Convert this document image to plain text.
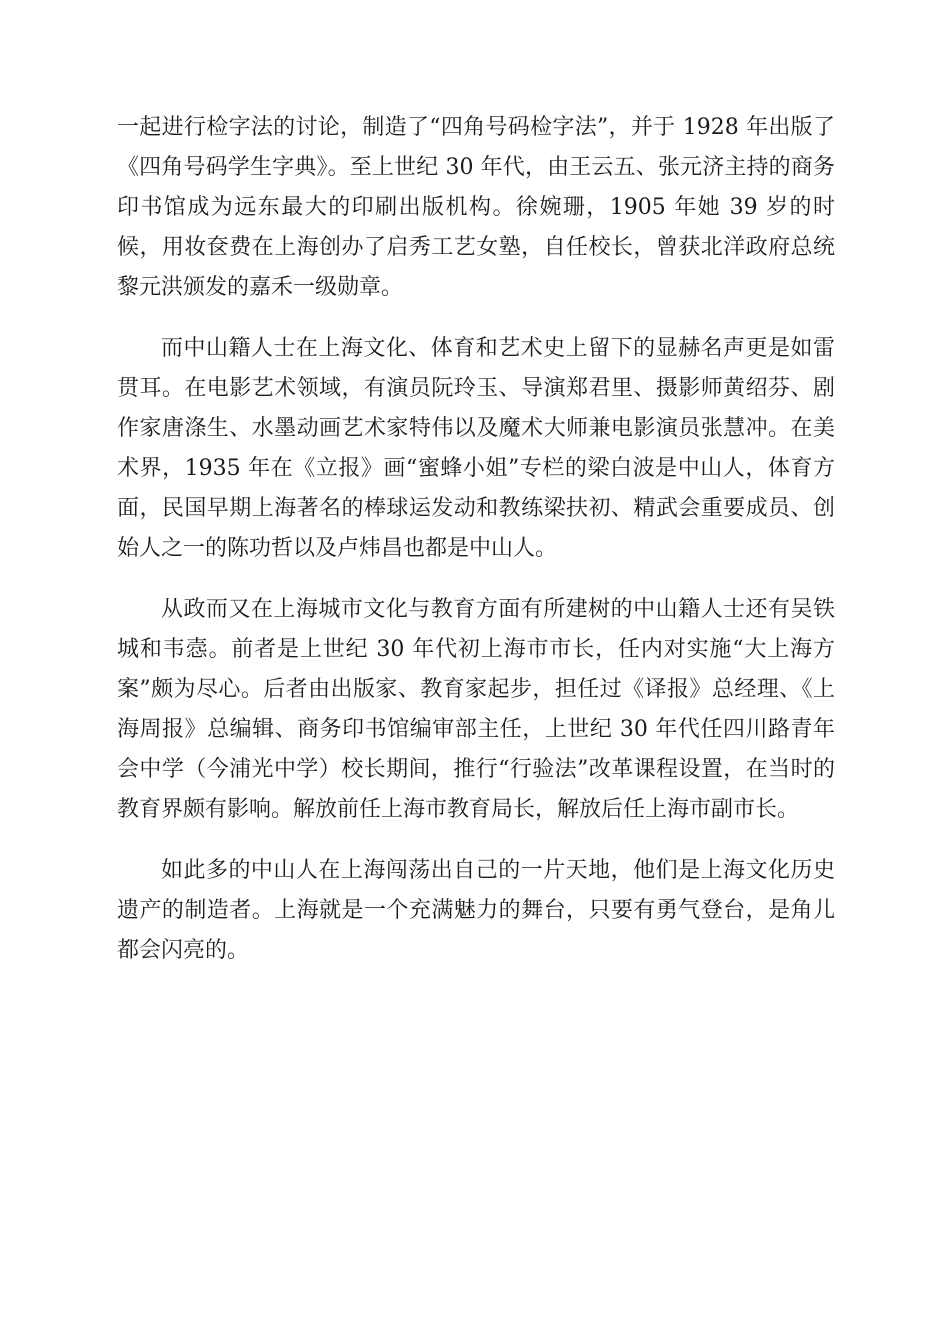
一起进行检字法的讨论，制造了“四角号码检字法”，并于 1928 年出版了《四角号码学生字典》。至上世纪 30 年代，由王云五、张元济主持的商务印书馆成为远东最大的印刷出版机构。徐婉珊，1905 年她 39 岁的时候，用妆奁费在上海创办了启秀工艺女塾，自任校长，曾获北洋政府总统黎元洪颁发的嘉禾一级勋章。

而中山籍人士在上海文化、体育和艺术史上留下的显赫名声更是如雷贯耳。在电影艺术领域，有演员阮玲玉、导演郑君里、摄影师黄绍芬、剧作家唐涤生、水墨动画艺术家特伟以及魔术大师兼电影演员张慧冲。在美术界，1935 年在《立报》画“蜜蜂小姐”专栏的梁白波是中山人，体育方面，民国早期上海著名的棒球运发动和教练梁扶初、精武会重要成员、创始人之一的陈功哲以及卢炜昌也都是中山人。

从政而又在上海城市文化与教育方面有所建树的中山籍人士还有吴铁城和韦悫。前者是上世纪 30 年代初上海市市长，任内对实施“大上海方案”颇为尽心。后者由出版家、教育家起步，担任过《译报》总经理、《上海周报》总编辑、商务印书馆编审部主任，上世纪 30 年代任四川路青年会中学（今浦光中学）校长期间，推行“行验法”改革课程设置，在当时的教育界颇有影响。解放前任上海市教育局长，解放后任上海市副市长。

如此多的中山人在上海闯荡出自己的一片天地，他们是上海文化历史遗产的制造者。上海就是一个充满魅力的舞台，只要有勇气登台，是角儿都会闪亮的。
